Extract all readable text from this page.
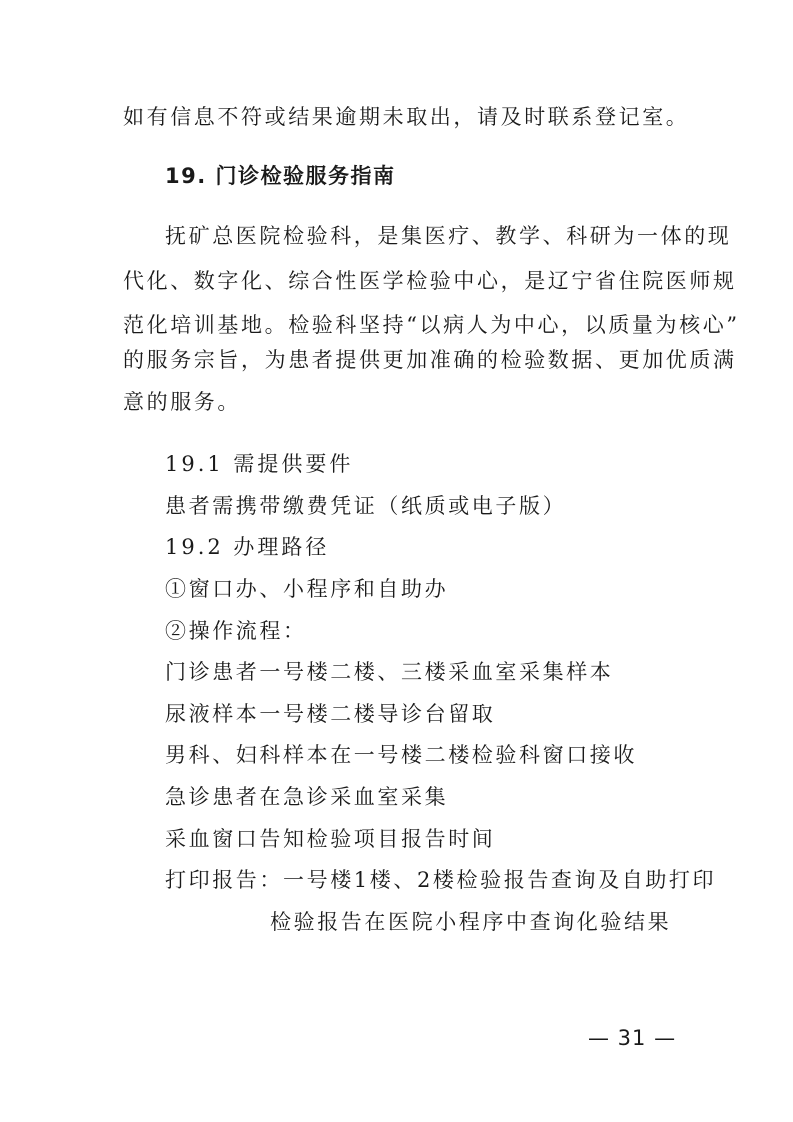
如有信息不符或结果逾期未取出，请及时联系登记室。
19. 门诊检验服务指南
抚矿总医院检验科，是集医疗、教学、科研为一体的现
代化、数字化、综合性医学检验中心，是辽宁省住院医师规
范化培训基地。检验科坚持“以病人为中心，以质量为核心”
的服务宗旨，为患者提供更加准确的检验数据、更加优质满
意的服务。
19.1 需提供要件
患者需携带缴费凭证（纸质或电子版）
19.2 办理路径
①窗口办、小程序和自助办
②操作流程：
门诊患者一号楼二楼、三楼采血室采集样本
尿液样本一号楼二楼导诊台留取
男科、妇科样本在一号楼二楼检验科窗口接收
急诊患者在急诊采血室采集
采血窗口告知检验项目报告时间
打印报告：一号楼1楼、2楼检验报告查询及自助打印
检验报告在医院小程序中查询化验结果
— 31 —
